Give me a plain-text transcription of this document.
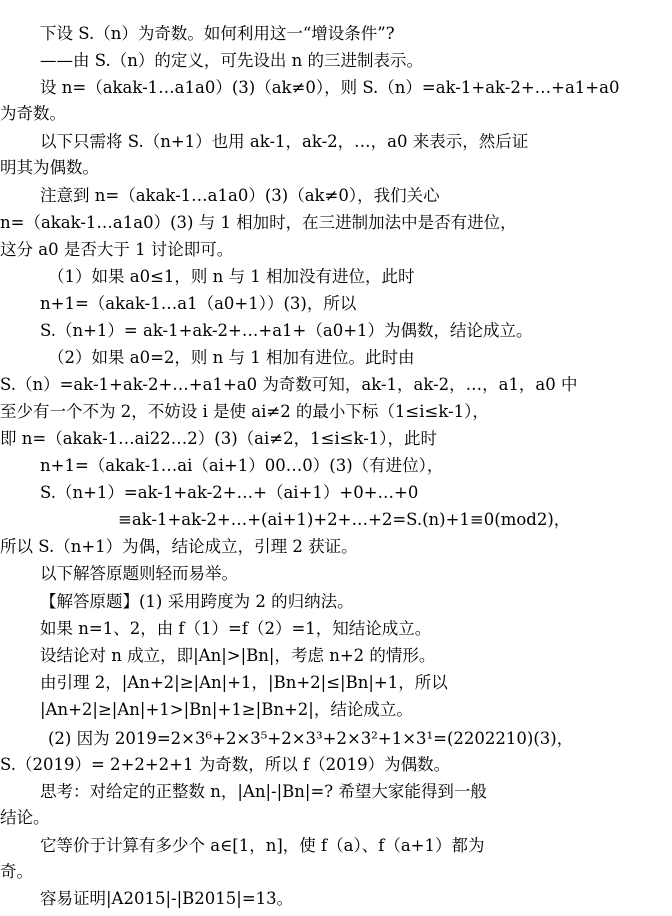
下设 S.（n）为奇数。如何利用这一“增设条件”?
——由 S.（n）的定义，可先设出 n 的三进制表示。
设 n=（akak-1…a1a0）(3)（ak≠0），则 S.（n）=ak-1+ak-2+…+a1+a0
为奇数。
以下只需将 S.（n+1）也用 ak-1，ak-2，…，a0 来表示，然后证
明其为偶数。
注意到 n=（akak-1…a1a0）(3)（ak≠0），我们关心
n=（akak-1…a1a0）(3) 与 1 相加时，在三进制加法中是否有进位，
这分 a0 是否大于 1 讨论即可。
（1）如果 a0≤1，则 n 与 1 相加没有进位，此时
n+1=（akak-1…a1（a0+1））(3)，所以
S.（n+1）= ak-1+ak-2+…+a1+（a0+1）为偶数，结论成立。
（2）如果 a0=2，则 n 与 1 相加有进位。此时由
S.（n）=ak-1+ak-2+…+a1+a0 为奇数可知，ak-1，ak-2，…，a1，a0 中
至少有一个不为 2，不妨设 i 是使 ai≠2 的最小下标（1≤i≤k-1），
即 n=（akak-1…ai22…2）(3)（ai≠2，1≤i≤k-1），此时
n+1=（akak-1…ai（ai+1）00…0）(3)（有进位），
S.（n+1）=ak-1+ak-2+…+（ai+1）+0+…+0
≡ak-1+ak-2+…+(ai+1)+2+…+2=S.(n)+1≡0(mod2)，
所以 S.（n+1）为偶，结论成立，引理 2 获证。
以下解答原题则轻而易举。
【解答原题】(1) 采用跨度为 2 的归纳法。
如果 n=1、2，由 f（1）=f（2）=1，知结论成立。
设结论对 n 成立，即|An|>|Bn|，考虑 n+2 的情形。
由引理 2，|An+2|≥|An|+1，|Bn+2|≤|Bn|+1，所以
|An+2|≥|An|+1>|Bn|+1≥|Bn+2|，结论成立。
(2) 因为 2019=2×3⁶+2×3⁵+2×3³+2×3²+1×3¹=(2202210)(3)，
S.（2019）= 2+2+2+1 为奇数，所以 f（2019）为偶数。
思考：对给定的正整数 n，|An|-|Bn|=? 希望大家能得到一般
结论。
它等价于计算有多少个 a∈[1，n]，使 f（a）、f（a+1）都为
奇。
容易证明|A2015|-|B2015|=13。
